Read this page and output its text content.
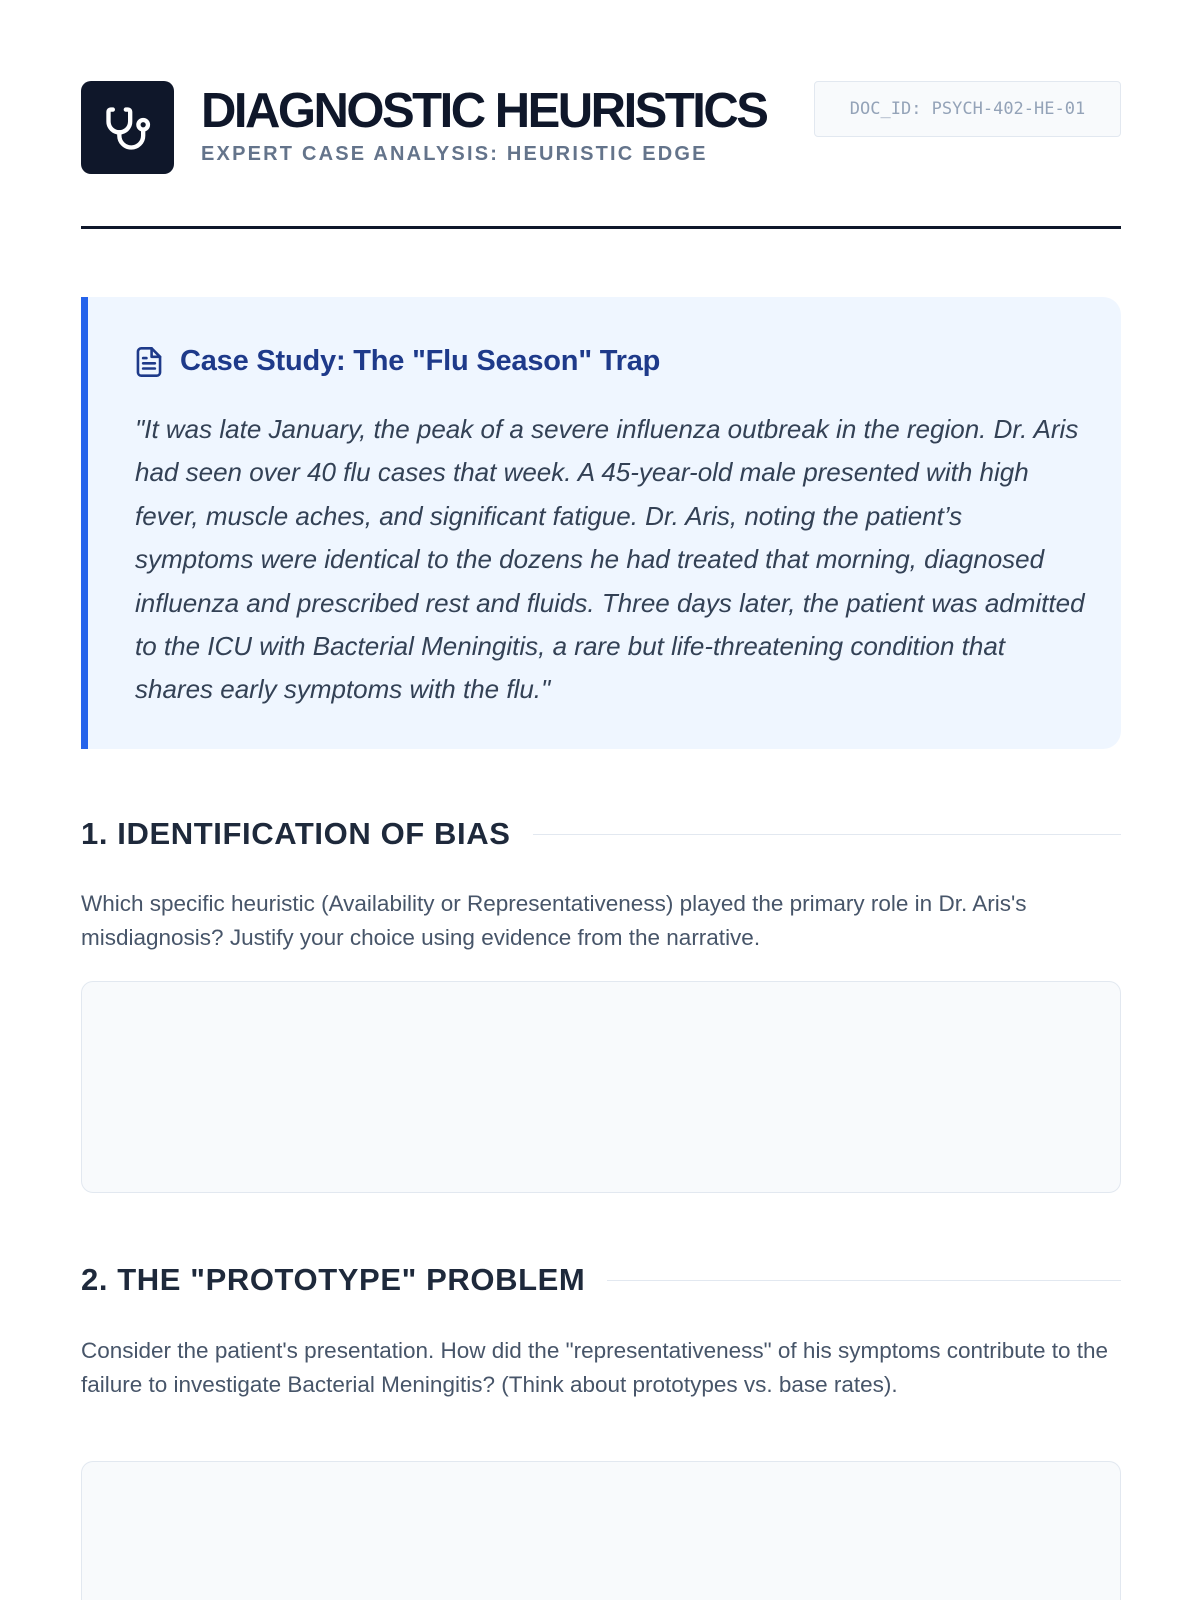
DIAGNOSTIC HEURISTICS
EXPERT CASE ANALYSIS: HEURISTIC EDGE
DOC_ID: PSYCH-402-HE-01
Case Study: The "Flu Season" Trap
"It was late January, the peak of a severe influenza outbreak in the region. Dr. Aris had seen over 40 flu cases that week. A 45-year-old male presented with high fever, muscle aches, and significant fatigue. Dr. Aris, noting the patient’s symptoms were identical to the dozens he had treated that morning, diagnosed influenza and prescribed rest and fluids. Three days later, the patient was admitted to the ICU with Bacterial Meningitis, a rare but life-threatening condition that shares early symptoms with the flu."
1. IDENTIFICATION OF BIAS
Which specific heuristic (Availability or Representativeness) played the primary role in Dr. Aris's misdiagnosis? Justify your choice using evidence from the narrative.
2. THE "PROTOTYPE" PROBLEM
Consider the patient's presentation. How did the "representativeness" of his symptoms contribute to the failure to investigate Bacterial Meningitis? (Think about prototypes vs. base rates).
